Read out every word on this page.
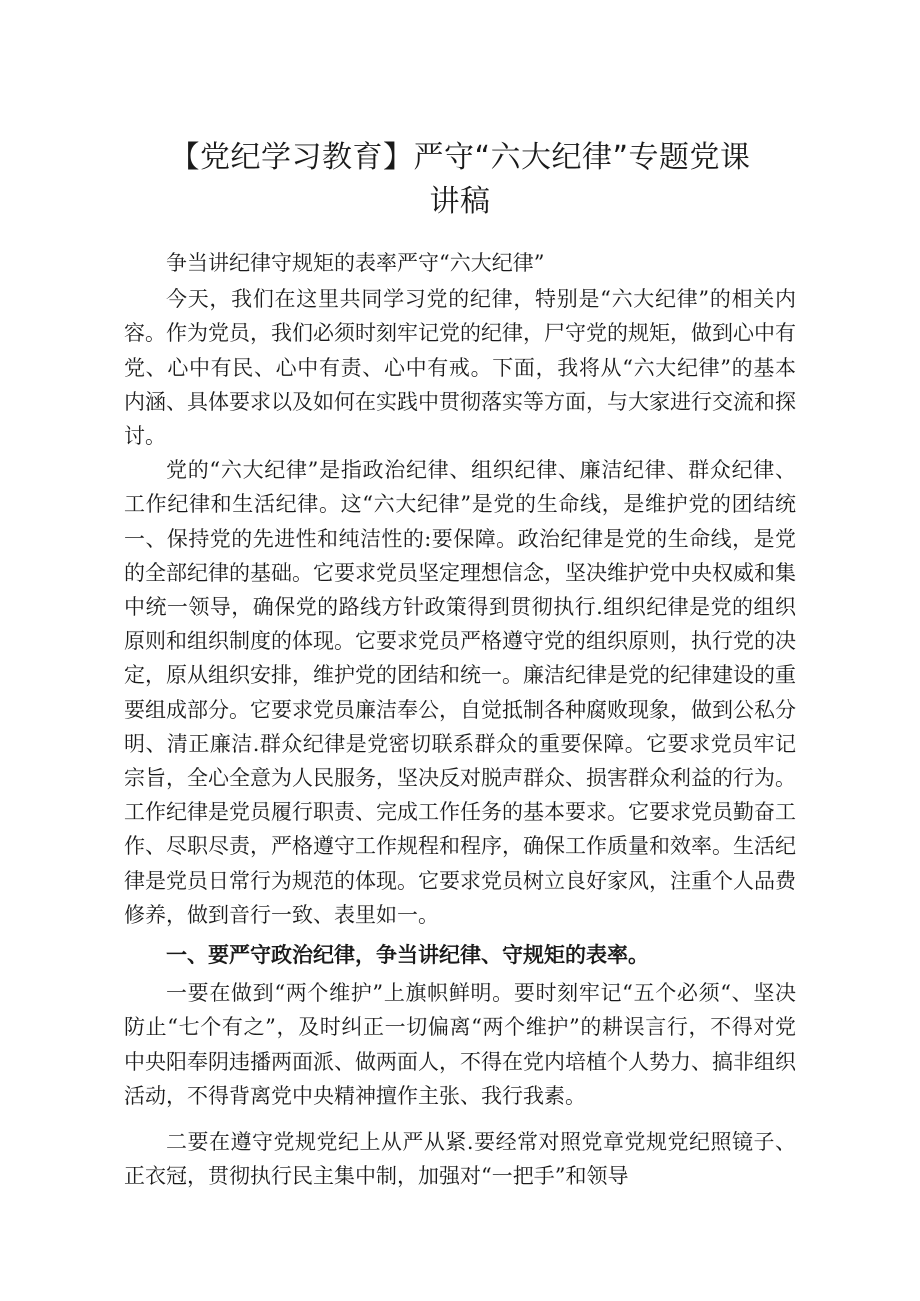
【党纪学习教育】严守“六大纪律”专题党课
讲稿

争当讲纪律守规矩的表率严守“六大纪律”

今天，我们在这里共同学习党的纪律，特别是“六大纪律”的相关内容。作为党员，我们必须时刻牢记党的纪律，尸守党的规矩，做到心中有党、心中有民、心中有责、心中有戒。下面，我将从“六大纪律”的基本内涵、具体要求以及如何在实践中贯彻落实等方面，与大家进行交流和探讨。

党的“六大纪律”是指政治纪律、组织纪律、廉洁纪律、群众纪律、工作纪律和生活纪律。这“六大纪律”是党的生命线，是维护党的团结统一、保持党的先进性和纯洁性的:要保障。政治纪律是党的生命线，是党的全部纪律的基础。它要求党员坚定理想信念，坚决维护党中央权威和集中统一领导，确保党的路线方针政策得到贯彻执行.组织纪律是党的组织原则和组织制度的体现。它要求党员严格遵守党的组织原则，执行党的决定，原从组织安排，维护党的团结和统一。廉洁纪律是党的纪律建设的重要组成部分。它要求党员廉洁奉公，自觉抵制各种腐败现象，做到公私分明、清正廉洁.群众纪律是党密切联系群众的重要保障。它要求党员牢记宗旨，全心全意为人民服务，坚决反对脱声群众、损害群众利益的行为。工作纪律是党员履行职责、完成工作任务的基本要求。它要求党员勤奋工作、尽职尽责，严格遵守工作规程和程序，确保工作质量和效率。生活纪律是党员日常行为规范的体现。它要求党员树立良好家风，注重个人品费修养，做到音行一致、表里如一。

一、要严守政治纪律，争当讲纪律、守规矩的表率。

一要在做到“两个维护”上旗帜鲜明。要时刻牢记“五个必须“、坚决防止“七个有之”，及时纠正一切偏离“两个维护”的耕误言行，不得对党中央阳奉阴违播两面派、做两面人，不得在党内培植个人势力、搞非组织活动，不得背离党中央精神擅作主张、我行我素。

二要在遵守党规党纪上从严从紧.要经常对照党章党规党纪照镜子、正衣冠，贯彻执行民主集中制，加强对“一把手”和领导
